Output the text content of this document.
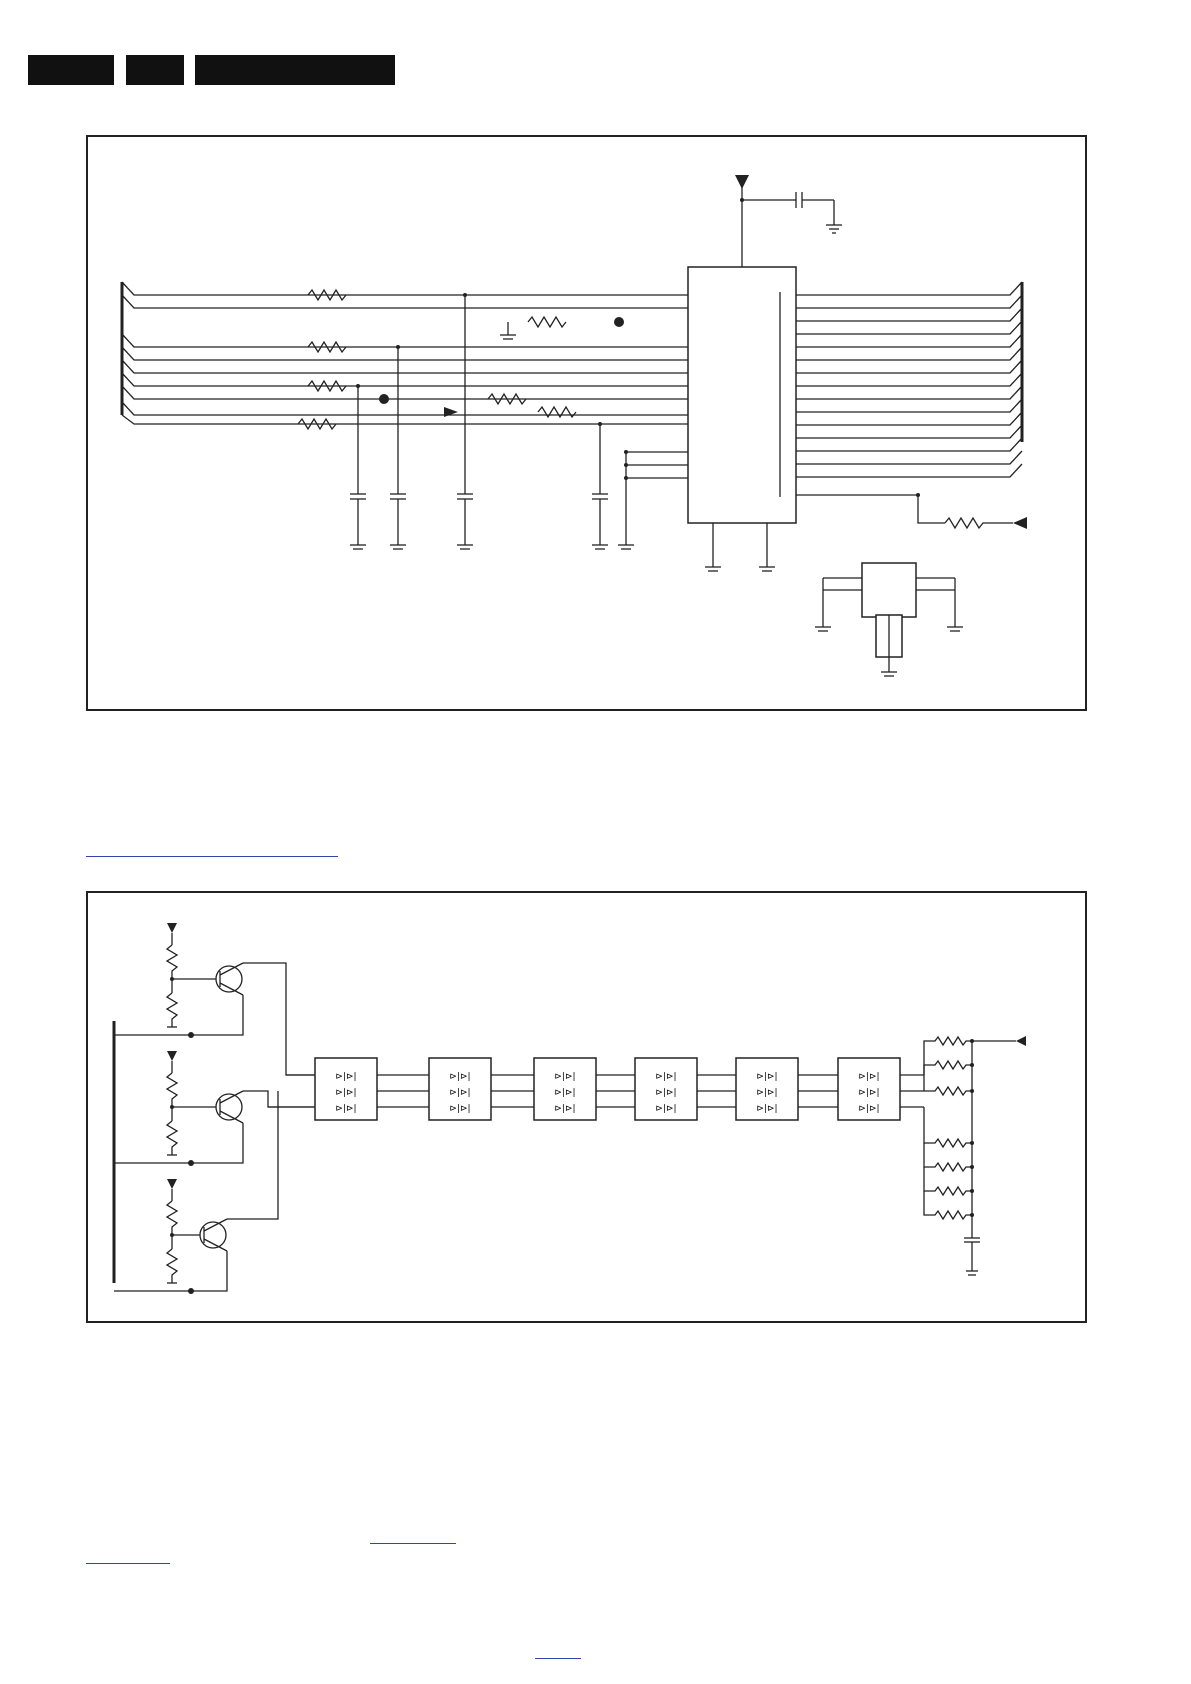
⊳|⊳|
⊳|⊳|
⊳|⊳|
⊳|⊳|
⊳|⊳|
⊳|⊳|
⊳|⊳|
⊳|⊳|
⊳|⊳|
⊳|⊳|
⊳|⊳|
⊳|⊳|
⊳|⊳|
⊳|⊳|
⊳|⊳|
⊳|⊳|
⊳|⊳|
⊳|⊳|
